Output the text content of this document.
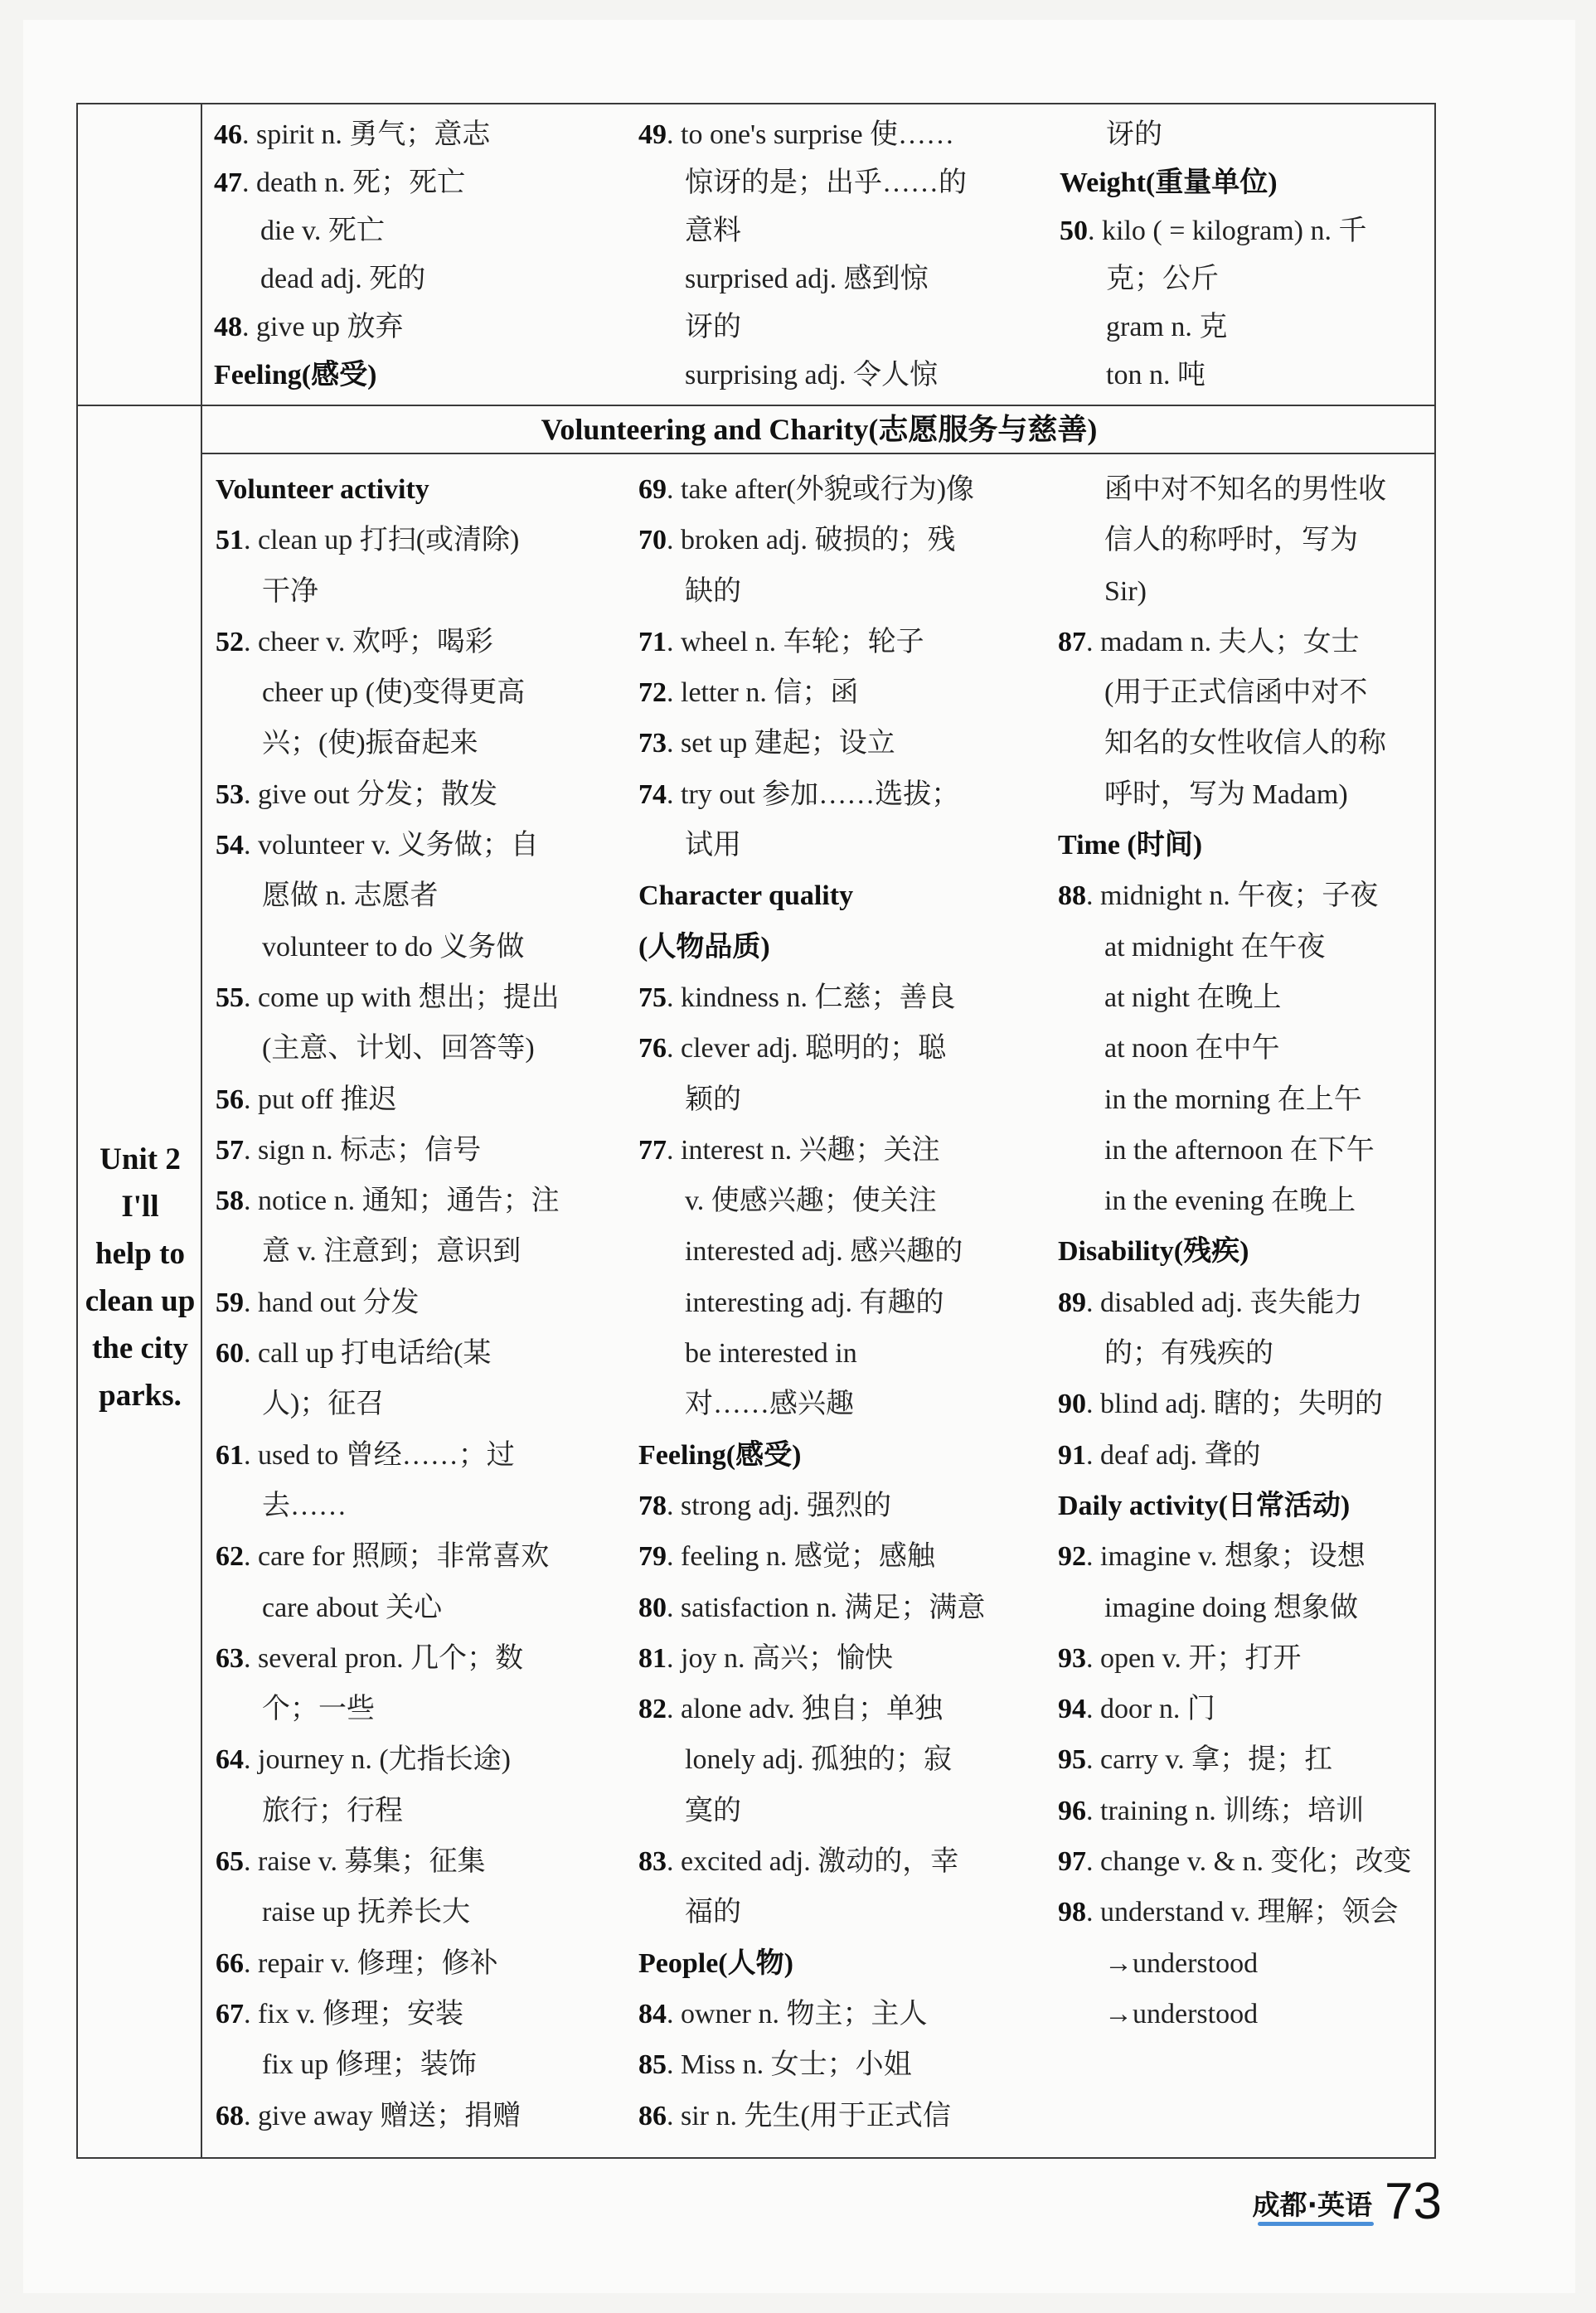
Volunteering and Charity(志愿服务与慈善)
Unit 2
I'll
help to
clean up
the city
parks.
46. spirit n. 勇气；意志
47. death n. 死；死亡
die v. 死亡
dead adj. 死的
48. give up 放弃
Feeling(感受)
49. to one's surprise 使……
惊讶的是；出乎……的
意料
surprised adj. 感到惊
讶的
surprising adj. 令人惊
讶的
Weight(重量单位)
50. kilo ( = kilogram) n. 千
克；公斤
gram n. 克
ton n. 吨
Volunteer activity
51. clean up 打扫(或清除)
干净
52. cheer v. 欢呼；喝彩
cheer up (使)变得更高
兴；(使)振奋起来
53. give out 分发；散发
54. volunteer v. 义务做；自
愿做 n. 志愿者
volunteer to do 义务做
55. come up with 想出；提出
(主意、计划、回答等)
56. put off 推迟
57. sign n. 标志；信号
58. notice n. 通知；通告；注
意 v. 注意到；意识到
59. hand out 分发
60. call up 打电话给(某
人)；征召
61. used to 曾经……；过
去……
62. care for 照顾；非常喜欢
care about 关心
63. several pron. 几个；数
个；一些
64. journey n. (尤指长途)
旅行；行程
65. raise v. 募集；征集
raise up 抚养长大
66. repair v. 修理；修补
67. fix v. 修理；安装
fix up 修理；装饰
68. give away 赠送；捐赠
69. take after(外貌或行为)像
70. broken adj. 破损的；残
缺的
71. wheel n. 车轮；轮子
72. letter n. 信；函
73. set up 建起；设立
74. try out 参加……选拔；
试用
Character quality
(人物品质)
75. kindness n. 仁慈；善良
76. clever adj. 聪明的；聪
颖的
77. interest n. 兴趣；关注
v. 使感兴趣；使关注
interested adj. 感兴趣的
interesting adj. 有趣的
be interested in
对……感兴趣
Feeling(感受)
78. strong adj. 强烈的
79. feeling n. 感觉；感触
80. satisfaction n. 满足；满意
81. joy n. 高兴；愉快
82. alone adv. 独自；单独
lonely adj. 孤独的；寂
寞的
83. excited adj. 激动的，幸
福的
People(人物)
84. owner n. 物主；主人
85. Miss n. 女士；小姐
86. sir n. 先生(用于正式信
函中对不知名的男性收
信人的称呼时，写为
Sir)
87. madam n. 夫人；女士
(用于正式信函中对不
知名的女性收信人的称
呼时，写为 Madam)
Time (时间)
88. midnight n. 午夜；子夜
at midnight 在午夜
at night 在晚上
at noon 在中午
in the morning 在上午
in the afternoon 在下午
in the evening 在晚上
Disability(残疾)
89. disabled adj. 丧失能力
的；有残疾的
90. blind adj. 瞎的；失明的
91. deaf adj. 聋的
Daily activity(日常活动)
92. imagine v. 想象；设想
imagine doing 想象做
93. open v. 开；打开
94. door n. 门
95. carry v. 拿；提；扛
96. training n. 训练；培训
97. change v. & n. 变化；改变
98. understand v. 理解；领会
→understood
→understood
成都·英语 73
